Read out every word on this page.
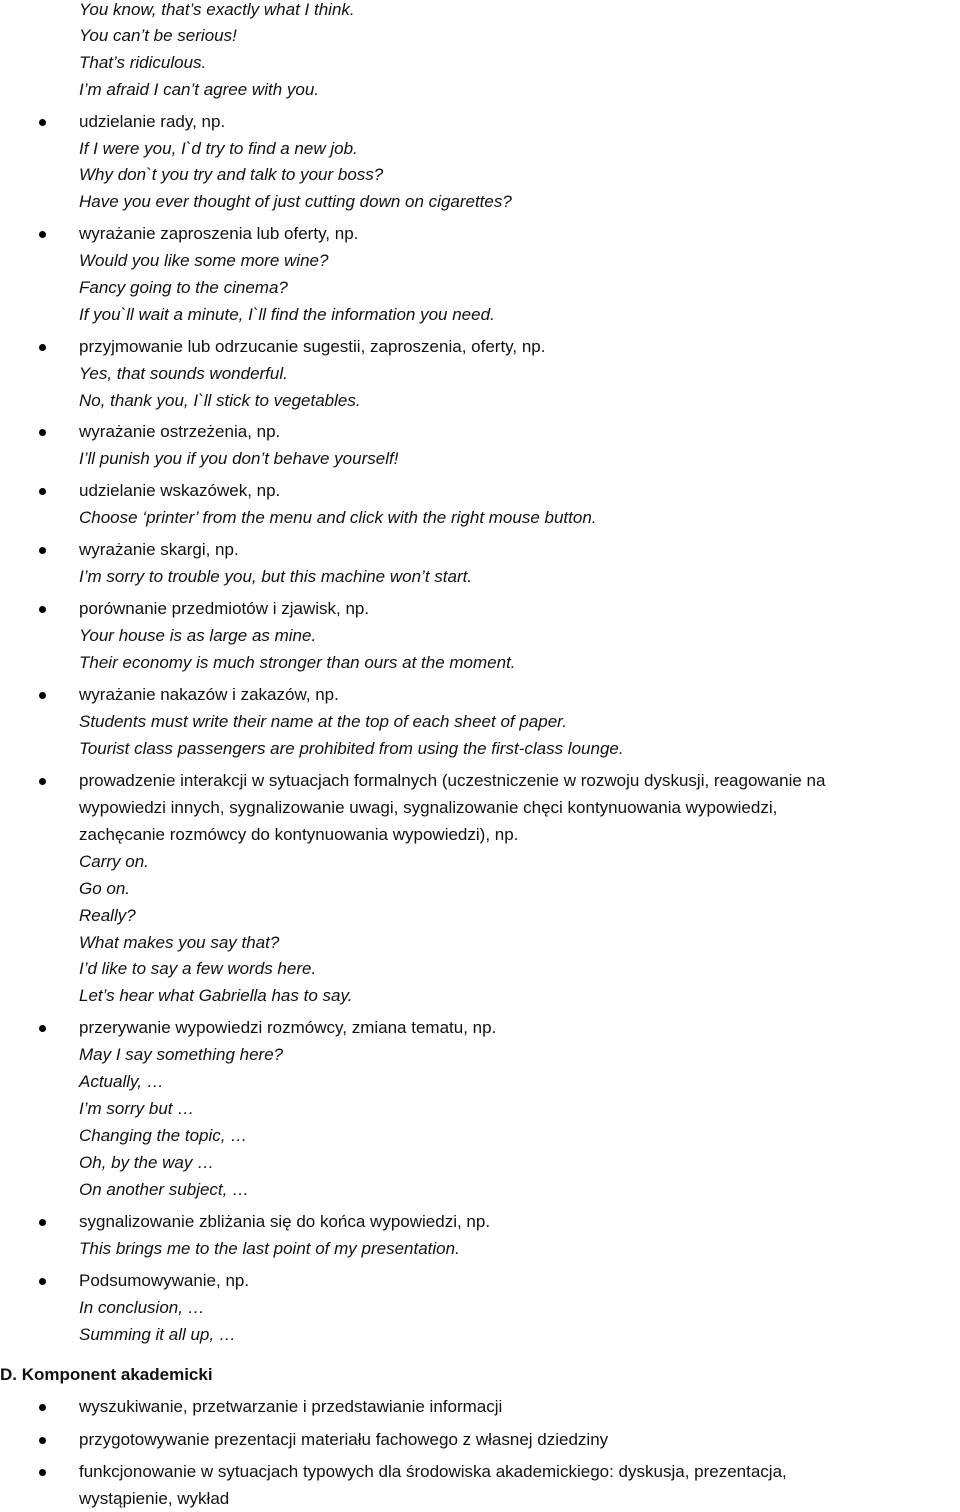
You know, that’s exactly what I think.
You can’t be serious!
That’s ridiculous.
I’m afraid I can’t agree with you.
udzielanie rady, np.
If I were you, I`d try to find a new job.
Why don`t you try and talk to your boss?
Have you ever thought of just cutting down on cigarettes?
wyrażanie zaproszenia lub oferty, np.
Would you like some more wine?
Fancy going to the cinema?
If you`ll wait a minute, I`ll find the information you need.
przyjmowanie lub odrzucanie sugestii, zaproszenia, oferty, np.
Yes, that sounds wonderful.
No, thank you, I`ll stick to vegetables.
wyrażanie ostrzeżenia, np.
I’ll punish you if you don’t behave yourself!
udzielanie wskazówek, np.
Choose ‘printer’ from the menu and click with the right mouse button.
wyrażanie skargi, np.
I’m sorry to trouble you, but this machine won’t start.
porównanie przedmiotów i zjawisk, np.
Your house is as large as mine.
Their economy is much stronger than ours at the moment.
wyrażanie nakazów i zakazów, np.
Students must write their name at the top of each sheet of paper.
Tourist class passengers are prohibited from using the first-class lounge.
prowadzenie interakcji w sytuacjach formalnych (uczestniczenie w rozwoju dyskusji, reagowanie na
wypowiedzi innych, sygnalizowanie uwagi, sygnalizowanie chęci kontynuowania wypowiedzi,
zachęcanie rozmówcy do kontynuowania wypowiedzi), np.
Carry on.
Go on.
Really?
What makes you say that?
I’d like to say a few words here.
Let’s hear what Gabriella has to say.
przerywanie wypowiedzi rozmówcy, zmiana tematu, np.
May I say something here?
Actually, …
I’m sorry but …
Changing the topic, …
Oh, by the way …
On another subject, …
sygnalizowanie zbliżania się do końca wypowiedzi, np.
This brings me to the last point of my presentation.
Podsumowywanie, np.
In conclusion, …
Summing it all up, …
D. Komponent akademicki
wyszukiwanie, przetwarzanie i przedstawianie informacji
przygotowywanie prezentacji materiału fachowego z własnej dziedziny
funkcjonowanie w sytuacjach typowych dla środowiska akademickiego: dyskusja, prezentacja,
wystąpienie, wykład
